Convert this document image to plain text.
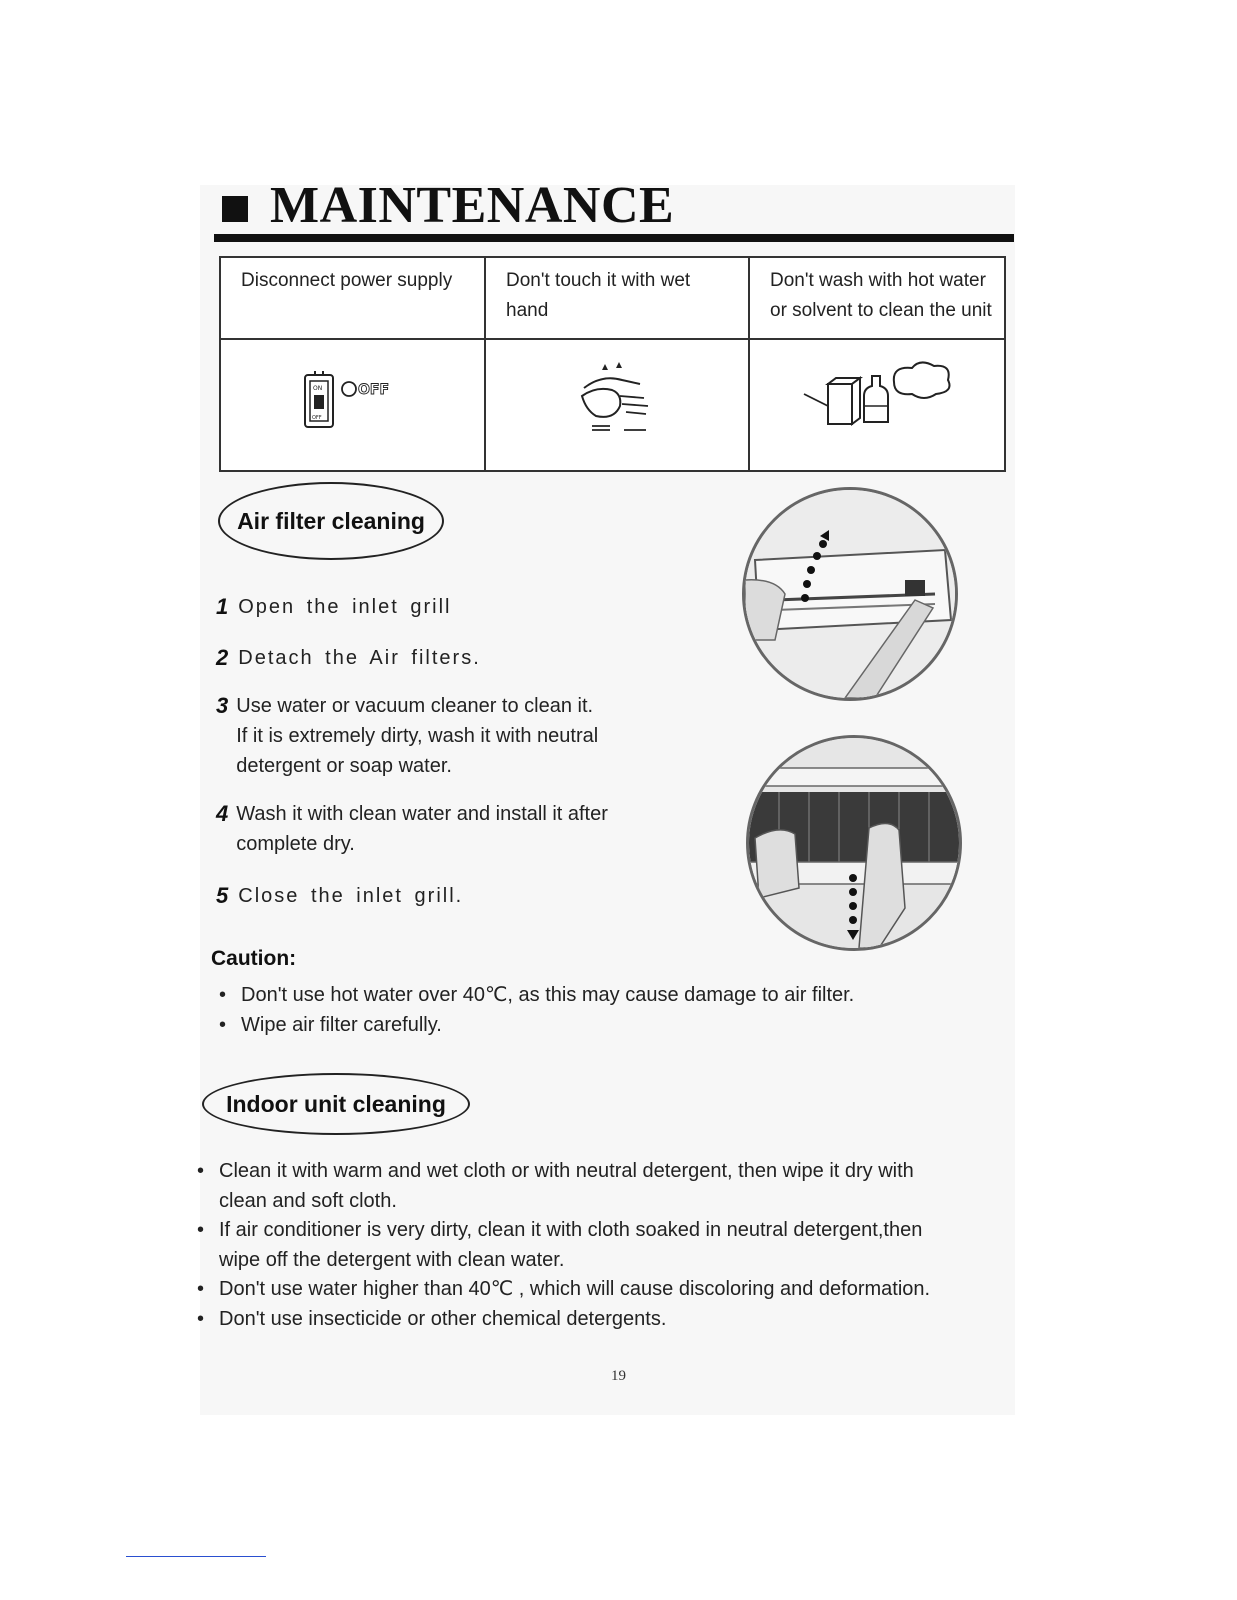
MAINTENANCE
Disconnect power supply	Don't touch it with wet hand	Don't wash with hot water or solvent to clean the unit

ON
OFF
OFF

Air filter cleaning
1 Open the inlet grill
2 Detach the Air filters.
3 Use water or vacuum cleaner to clean it.
If it is extremely dirty, wash it with neutral
detergent or soap water.
4 Wash it with clean water and install it after
complete dry.
5 Close the inlet grill.
Caution:
• Don't use hot water over 40℃, as this may cause damage to air filter.
• Wipe air filter carefully.
Indoor unit cleaning
• Clean it with warm and wet cloth or with neutral detergent, then wipe it dry with
clean and soft cloth.
• If air conditioner is very dirty, clean it with cloth soaked in neutral detergent,then
wipe off the detergent with clean water.
• Don't use water higher than 40℃ , which will cause discoloring and deformation.
• Don't use insecticide or other chemical detergents.
19
